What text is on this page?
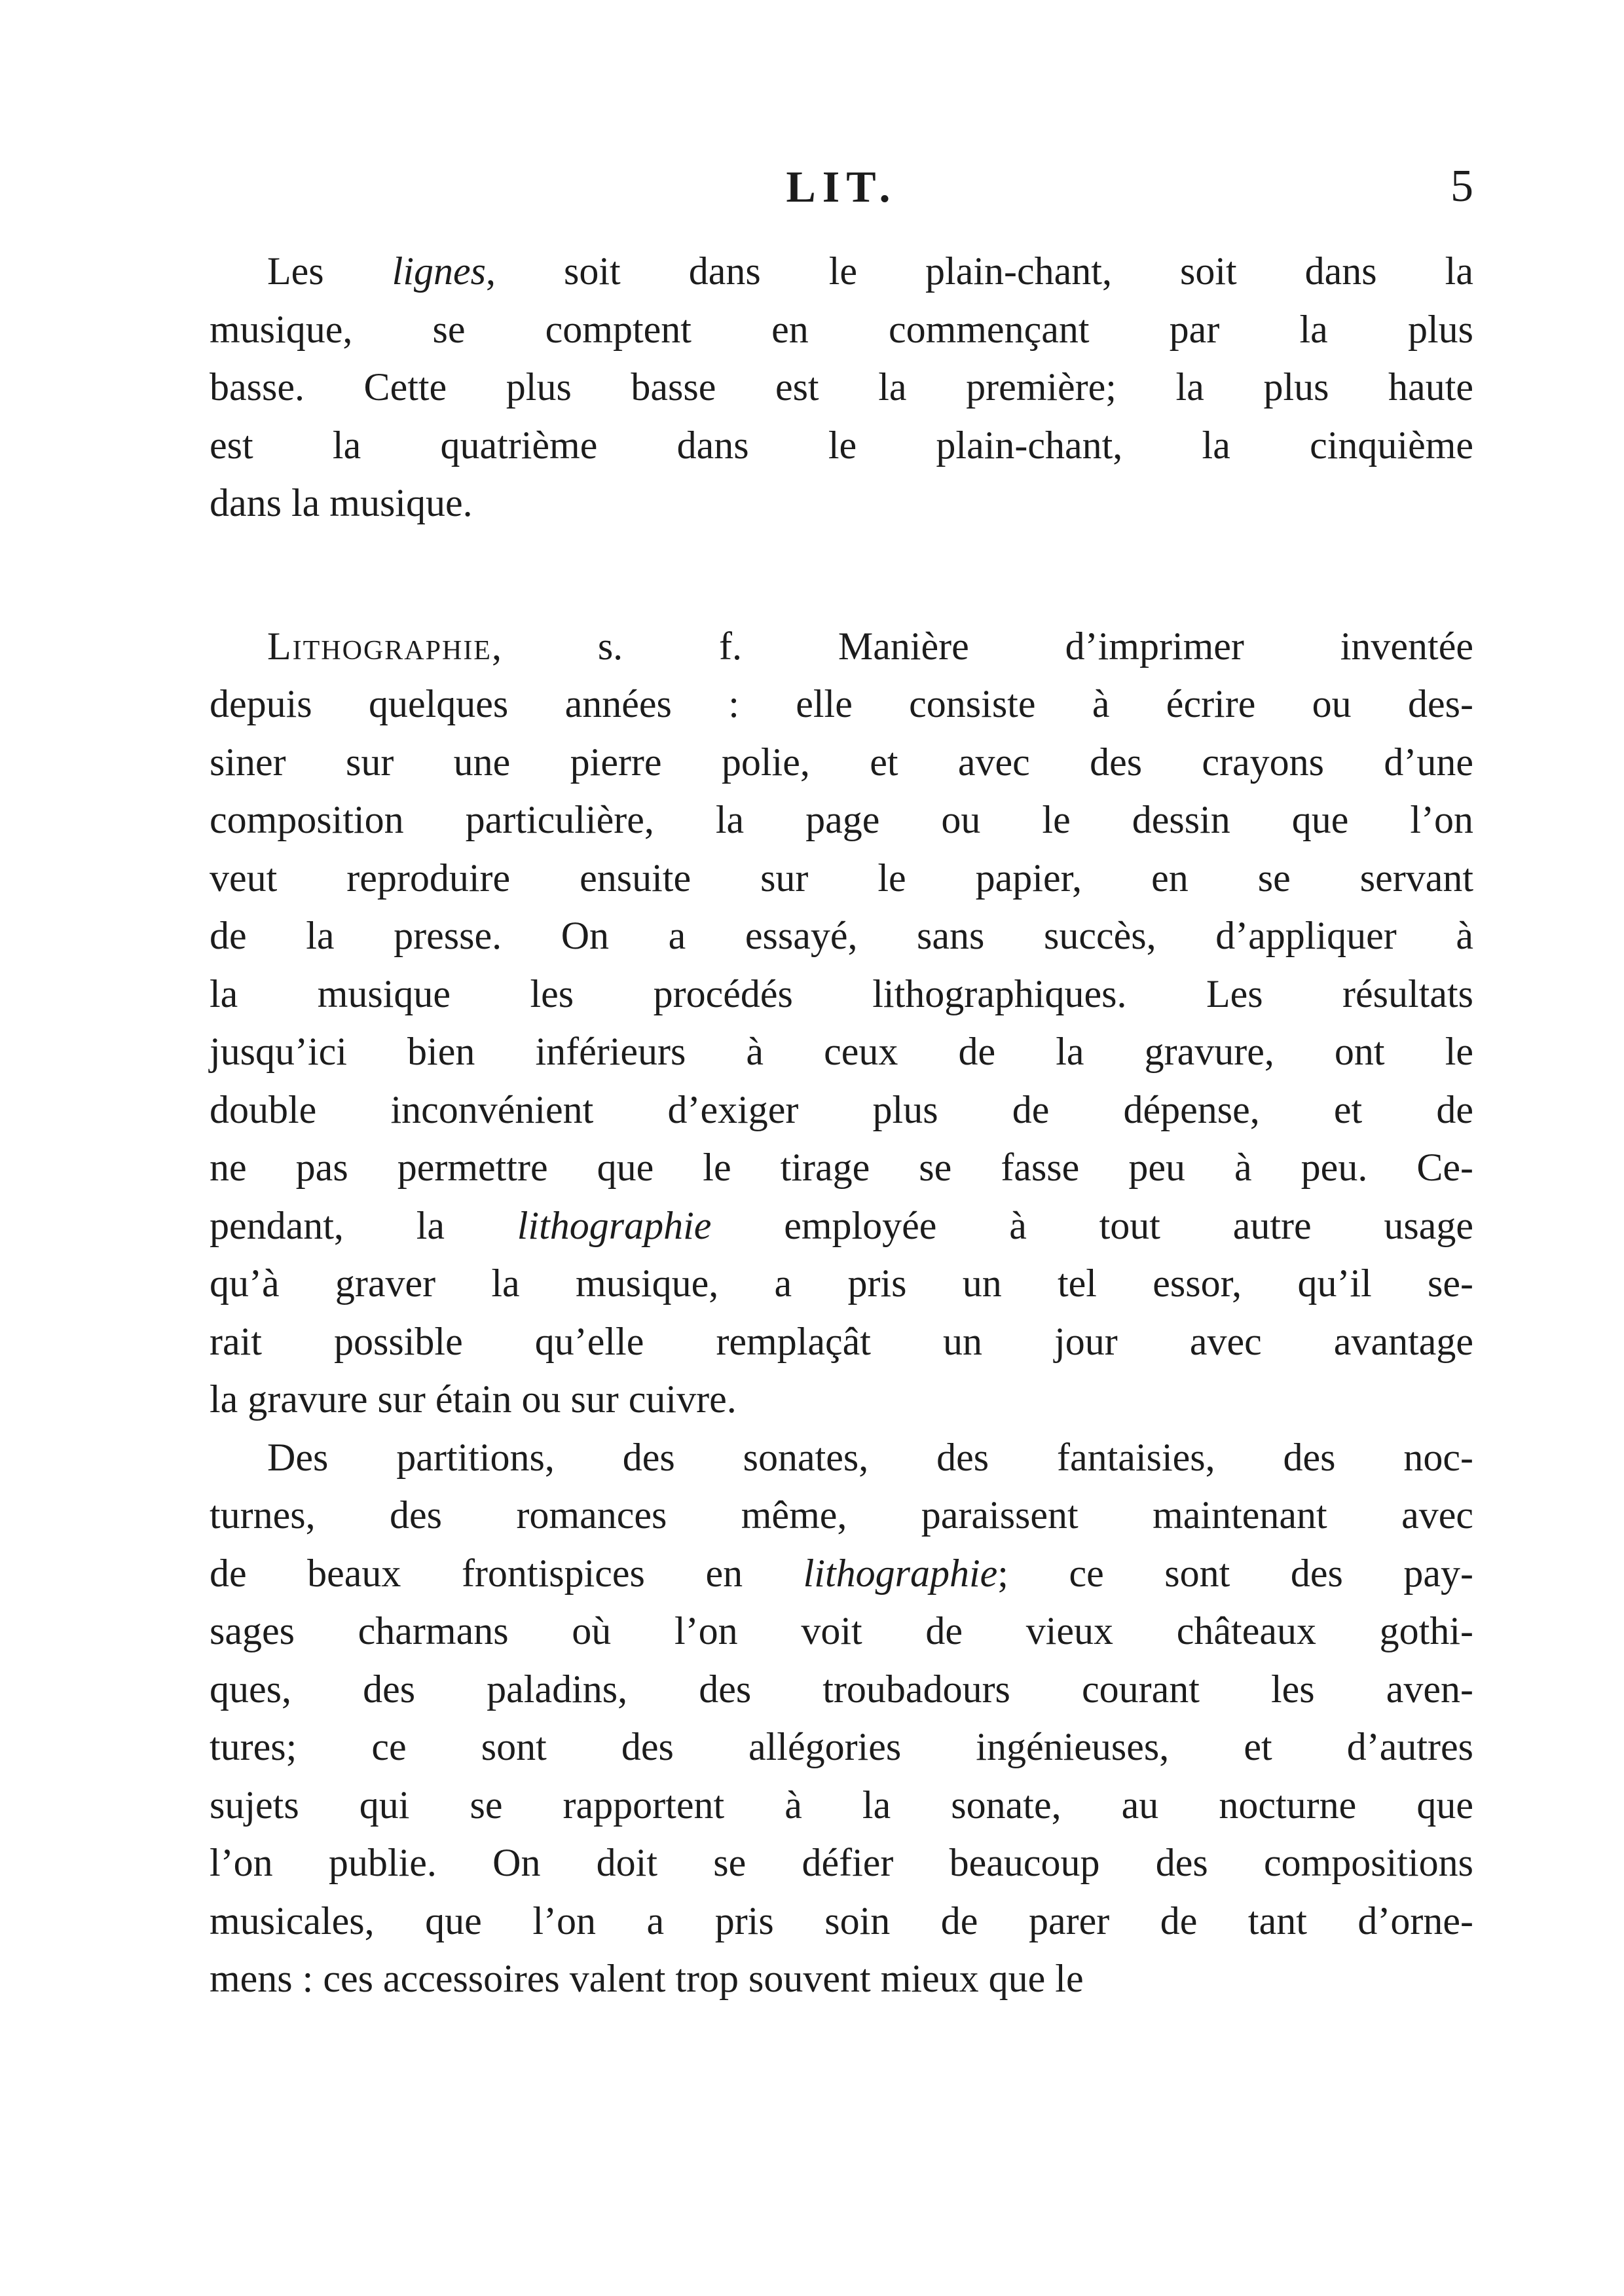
LIT.	5
Les lignes, soit dans le plain-chant, soit dans la
musique, se comptent en commençant par la plus
basse. Cette plus basse est la première; la plus haute
est la quatrième dans le plain-chant, la cinquième
dans la musique.
Lithographie, s. f. Manière d’imprimer inventée
depuis quelques années : elle consiste à écrire ou des-
siner sur une pierre polie, et avec des crayons d’une
composition particulière, la page ou le dessin que l’on
veut reproduire ensuite sur le papier, en se servant
de la presse. On a essayé, sans succès, d’appliquer à
la musique les procédés lithographiques. Les résultats
jusqu’ici bien inférieurs à ceux de la gravure, ont le
double inconvénient d’exiger plus de dépense, et de
ne pas permettre que le tirage se fasse peu à peu. Ce-
pendant, la lithographie employée à tout autre usage
qu’à graver la musique, a pris un tel essor, qu’il se-
rait possible qu’elle remplaçât un jour avec avantage
la gravure sur étain ou sur cuivre.
Des partitions, des sonates, des fantaisies, des noc-
turnes, des romances même, paraissent maintenant avec
de beaux frontispices en lithographie; ce sont des pay-
sages charmans où l’on voit de vieux châteaux gothi-
ques, des paladins, des troubadours courant les aven-
tures; ce sont des allégories ingénieuses, et d’autres
sujets qui se rapportent à la sonate, au nocturne que
l’on publie. On doit se défier beaucoup des compositions
musicales, que l’on a pris soin de parer de tant d’orne-
mens : ces accessoires valent trop souvent mieux que le
